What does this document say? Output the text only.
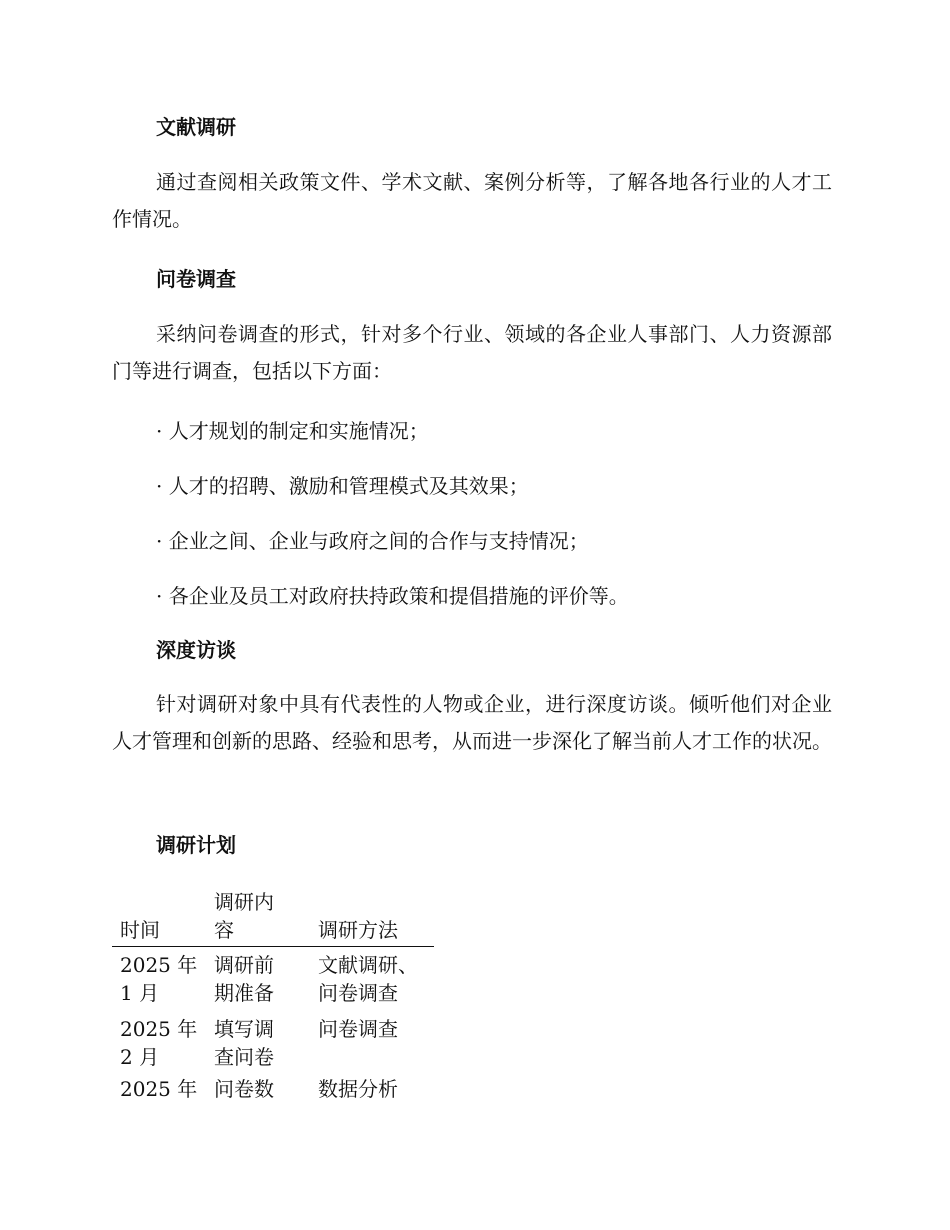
文献调研
通过查阅相关政策文件、学术文献、案例分析等，了解各地各行业的人才工作情况。
问卷调查
采纳问卷调查的形式，针对多个行业、领域的各企业人事部门、人力资源部门等进行调查，包括以下方面：
· 人才规划的制定和实施情况；
· 人才的招聘、激励和管理模式及其效果；
· 企业之间、企业与政府之间的合作与支持情况；
· 各企业及员工对政府扶持政策和提倡措施的评价等。
深度访谈
针对调研对象中具有代表性的人物或企业，进行深度访谈。倾听他们对企业人才管理和创新的思路、经验和思考，从而进一步深化了解当前人才工作的状况。
调研计划
时间
调研内
容	调研方法
2025 年
1 月
调研前
期准备
文献调研、
问卷调查
2025 年
2 月
填写调
查问卷
问卷调查
2025 年 问卷数	数据分析
